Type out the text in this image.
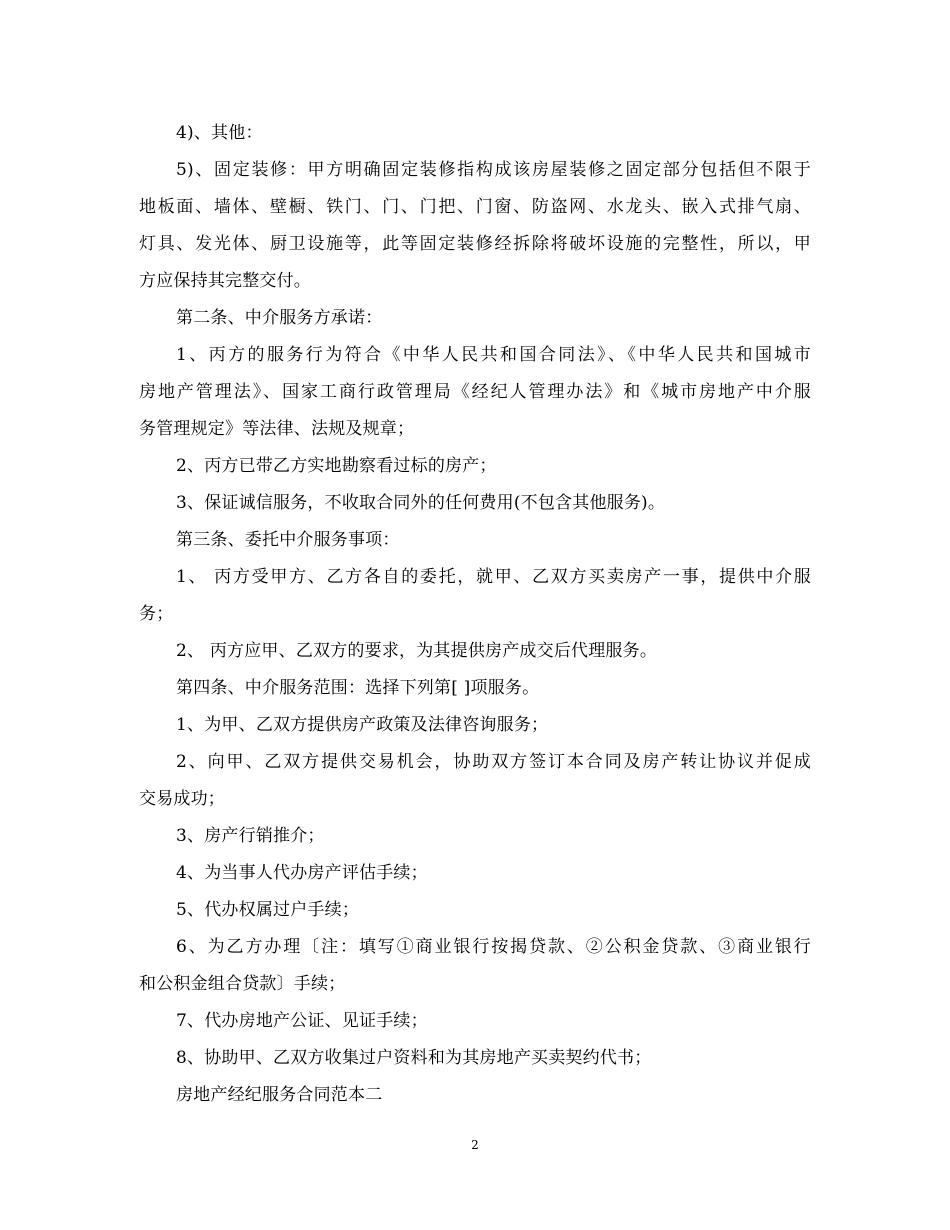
4)、其他：
5)、固定装修：甲方明确固定装修指构成该房屋装修之固定部分包括但不限于
地板面、墙体、壁橱、铁门、门、门把、门窗、防盗网、水龙头、嵌入式排气扇、
灯具、发光体、厨卫设施等，此等固定装修经拆除将破坏设施的完整性，所以，甲
方应保持其完整交付。
第二条、中介服务方承诺：
1、丙方的服务行为符合《中华人民共和国合同法》、《中华人民共和国城市
房地产管理法》、国家工商行政管理局《经纪人管理办法》和《城市房地产中介服
务管理规定》等法律、法规及规章；
2、丙方已带乙方实地勘察看过标的房产；
3、保证诚信服务，不收取合同外的任何费用(不包含其他服务)。
第三条、委托中介服务事项：
1、 丙方受甲方、乙方各自的委托，就甲、乙双方买卖房产一事，提供中介服
务；
2、 丙方应甲、乙双方的要求，为其提供房产成交后代理服务。
第四条、中介服务范围：选择下列第[ ]项服务。
1、为甲、乙双方提供房产政策及法律咨询服务；
2、向甲、乙双方提供交易机会，协助双方签订本合同及房产转让协议并促成
交易成功；
3、房产行销推介；
4、为当事人代办房产评估手续；
5、代办权属过户手续；
6、为乙方办理〔注：填写①商业银行按揭贷款、②公积金贷款、③商业银行
和公积金组合贷款〕手续；
7、代办房地产公证、见证手续；
8、协助甲、乙双方收集过户资料和为其房地产买卖契约代书；
房地产经纪服务合同范本二
2
